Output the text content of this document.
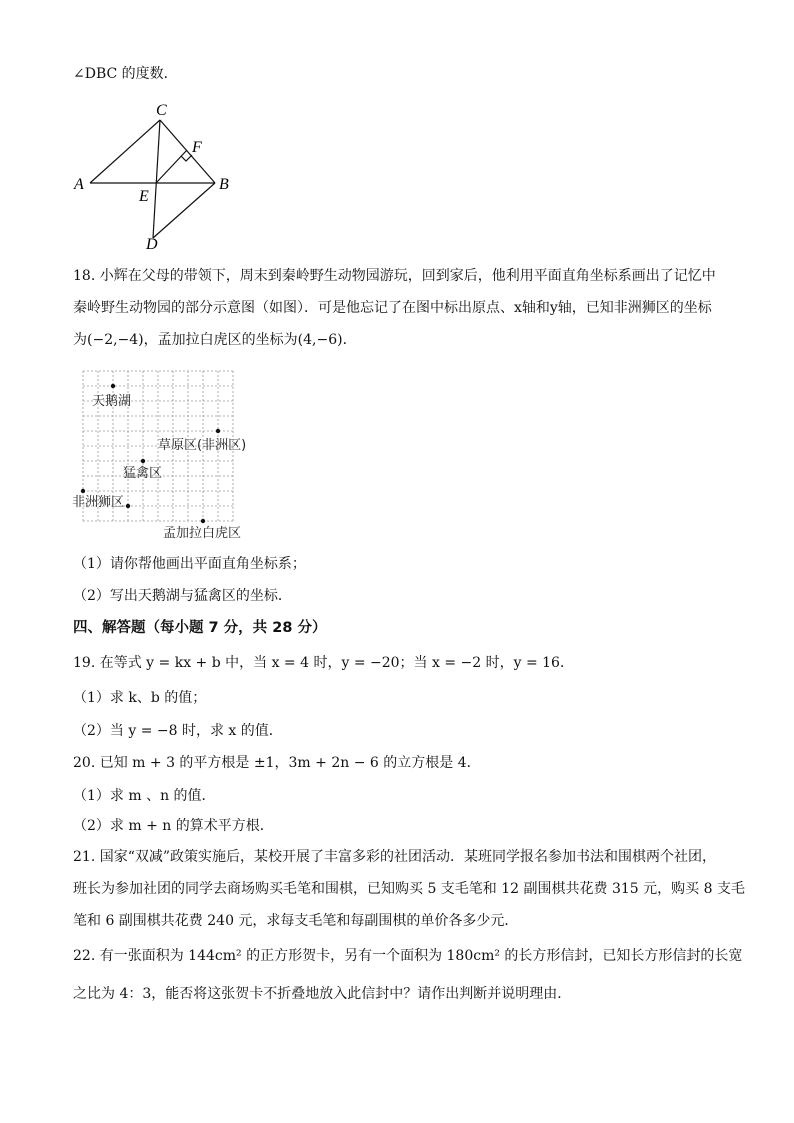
∠DBC 的度数．
A
C
F
B
E
D
18. 小辉在父母的带领下，周末到秦岭野生动物园游玩，回到家后，他利用平面直角坐标系画出了记忆中
秦岭野生动物园的部分示意图（如图）．可是他忘记了在图中标出原点、x轴和y轴，已知非洲狮区的坐标
为(−2,−4)，孟加拉白虎区的坐标为(4,−6)．
天鹅湖
草原区(非洲区)
猛禽区
非洲狮区
孟加拉白虎区
（1）请你帮他画出平面直角坐标系；
（2）写出天鹅湖与猛禽区的坐标．
四、解答题（每小题 7 分，共 28 分）
19. 在等式 y = kx + b 中，当 x = 4 时，y = −20；当 x = −2 时，y = 16．
（1）求 k、b 的值；
（2）当 y = −8 时，求 x 的值．
20. 已知 m + 3 的平方根是 ±1，3m + 2n − 6 的立方根是 4．
（1）求 m 、n 的值．
（2）求 m + n 的算术平方根．
21. 国家“双减”政策实施后，某校开展了丰富多彩的社团活动．某班同学报名参加书法和围棋两个社团，
班长为参加社团的同学去商场购买毛笔和围棋，已知购买 5 支毛笔和 12 副围棋共花费 315 元，购买 8 支毛
笔和 6 副围棋共花费 240 元，求每支毛笔和每副围棋的单价各多少元．
22. 有一张面积为 144cm² 的正方形贺卡，另有一个面积为 180cm² 的长方形信封，已知长方形信封的长宽
之比为 4：3，能否将这张贺卡不折叠地放入此信封中？请作出判断并说明理由．
